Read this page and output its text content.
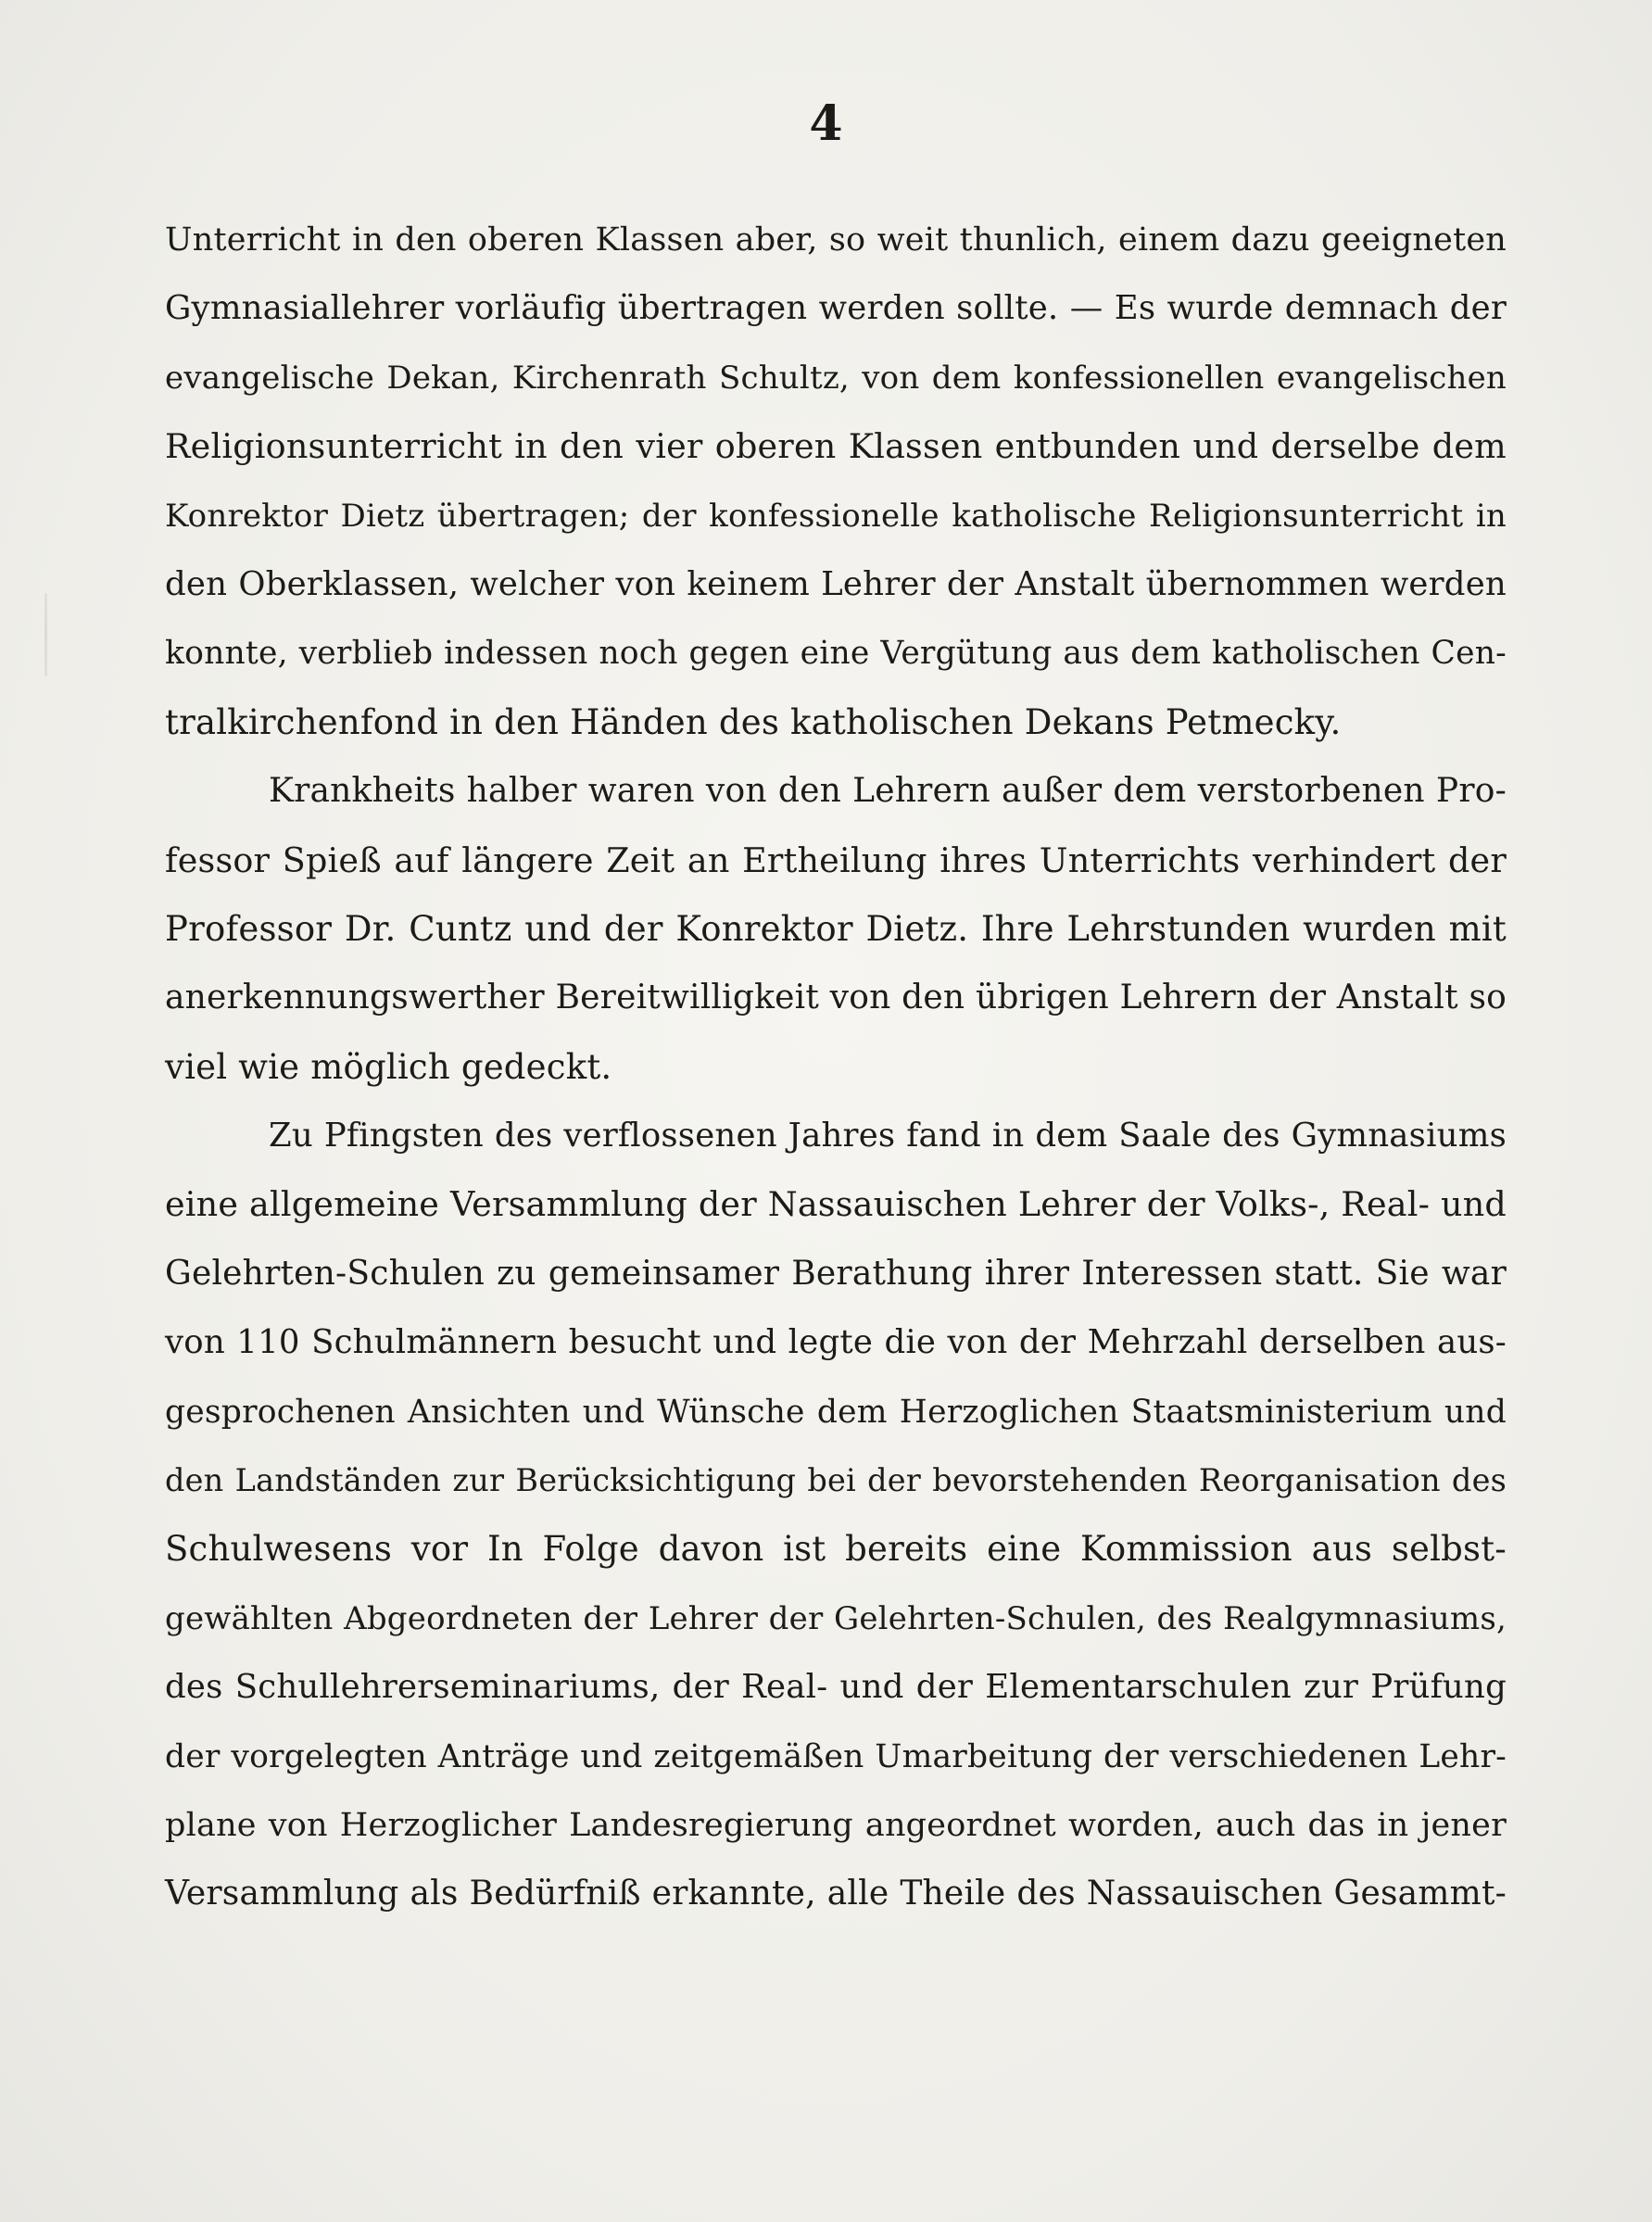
4
Unterricht in den oberen Klassen aber, so weit thunlich, einem dazu geeigneten
Gymnasiallehrer vorläufig übertragen werden sollte. — Es wurde demnach der
evangelische Dekan, Kirchenrath Schultz, von dem konfessionellen evangelischen
Religionsunterricht in den vier oberen Klassen entbunden und derselbe dem
Konrektor Dietz übertragen; der konfessionelle katholische Religionsunterricht in
den Oberklassen, welcher von keinem Lehrer der Anstalt übernommen werden
konnte, verblieb indessen noch gegen eine Vergütung aus dem katholischen Cen-
tralkirchenfond in den Händen des katholischen Dekans Petmecky.
Krankheits halber waren von den Lehrern außer dem verstorbenen Pro-
fessor Spieß auf längere Zeit an Ertheilung ihres Unterrichts verhindert der
Professor Dr. Cuntz und der Konrektor Dietz. Ihre Lehrstunden wurden mit
anerkennungswerther Bereitwilligkeit von den übrigen Lehrern der Anstalt so
viel wie möglich gedeckt.
Zu Pfingsten des verflossenen Jahres fand in dem Saale des Gymnasiums
eine allgemeine Versammlung der Nassauischen Lehrer der Volks-, Real- und
Gelehrten-Schulen zu gemeinsamer Berathung ihrer Interessen statt. Sie war
von 110 Schulmännern besucht und legte die von der Mehrzahl derselben aus-
gesprochenen Ansichten und Wünsche dem Herzoglichen Staatsministerium und
den Landständen zur Berücksichtigung bei der bevorstehenden Reorganisation des
Schulwesens vor In Folge davon ist bereits eine Kommission aus selbst-
gewählten Abgeordneten der Lehrer der Gelehrten-Schulen, des Realgymnasiums,
des Schullehrerseminariums, der Real- und der Elementarschulen zur Prüfung
der vorgelegten Anträge und zeitgemäßen Umarbeitung der verschiedenen Lehr-
plane von Herzoglicher Landesregierung angeordnet worden, auch das in jener
Versammlung als Bedürfniß erkannte, alle Theile des Nassauischen Gesammt-
